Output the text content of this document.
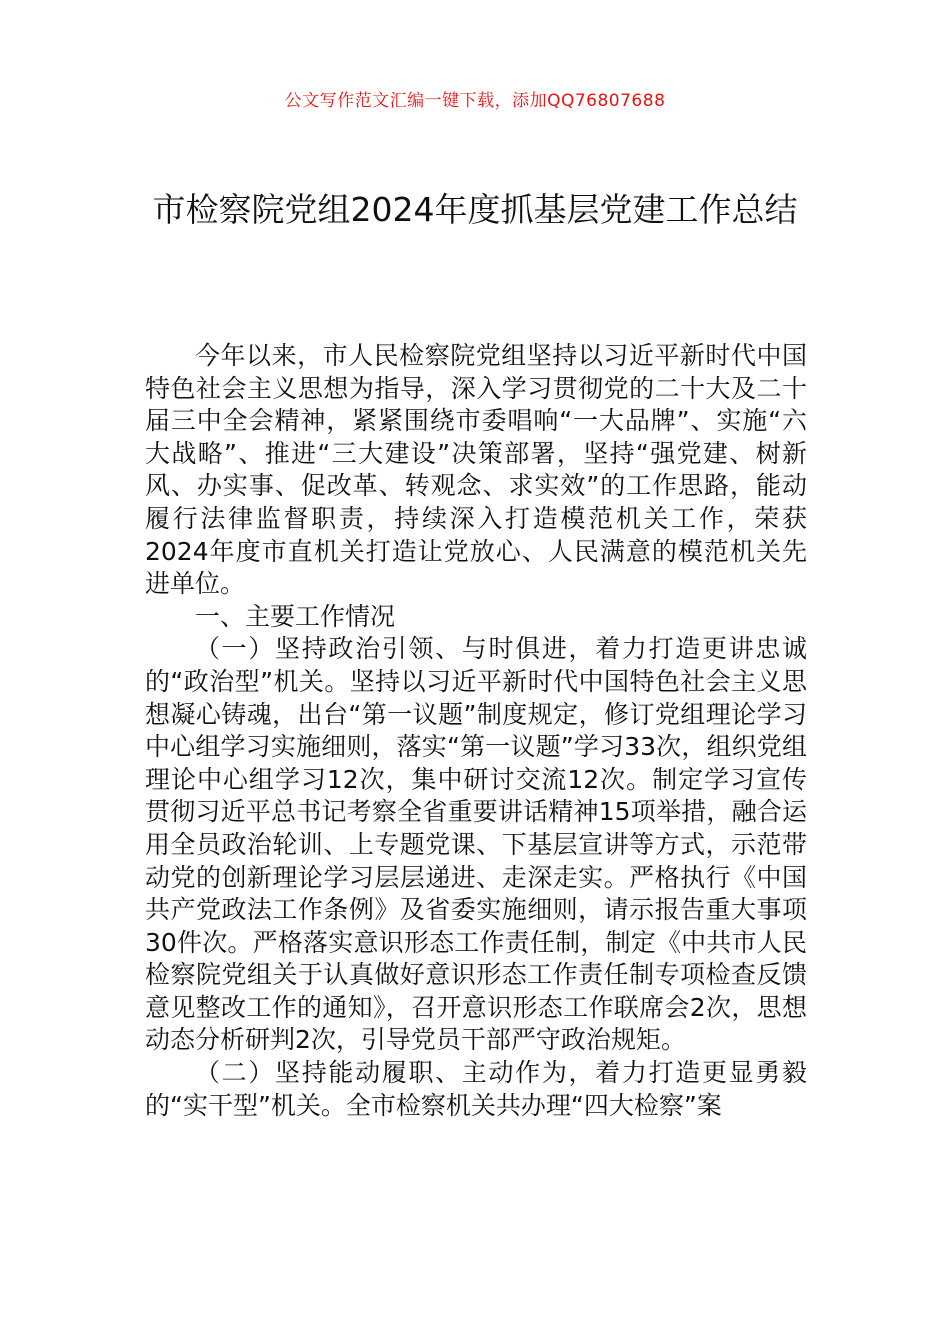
公文写作范文汇编一键下载，添加QQ76807688
市检察院党组2024年度抓基层党建工作总结

今年以来，市人民检察院党组坚持以习近平新时代中国特色社会主义思想为指导，深入学习贯彻党的二十大及二十届三中全会精神，紧紧围绕市委唱响“一大品牌”、实施“六大战略”、推进“三大建设”决策部署，坚持“强党建、树新风、办实事、促改革、转观念、求实效”的工作思路，能动履行法律监督职责，持续深入打造模范机关工作，荣获2024年度市直机关打造让党放心、人民满意的模范机关先进单位。

一、主要工作情况

（一）坚持政治引领、与时俱进，着力打造更讲忠诚的“政治型”机关。坚持以习近平新时代中国特色社会主义思想凝心铸魂，出台“第一议题”制度规定，修订党组理论学习中心组学习实施细则，落实“第一议题”学习33次，组织党组理论中心组学习12次，集中研讨交流12次。制定学习宣传贯彻习近平总书记考察全省重要讲话精神15项举措，融合运用全员政治轮训、上专题党课、下基层宣讲等方式，示范带动党的创新理论学习层层递进、走深走实。严格执行《中国共产党政法工作条例》及省委实施细则，请示报告重大事项30件次。严格落实意识形态工作责任制，制定《中共市人民检察院党组关于认真做好意识形态工作责任制专项检查反馈意见整改工作的通知》，召开意识形态工作联席会2次，思想动态分析研判2次，引导党员干部严守政治规矩。

（二）坚持能动履职、主动作为，着力打造更显勇毅的“实干型”机关。全市检察机关共办理“四大检察”案
